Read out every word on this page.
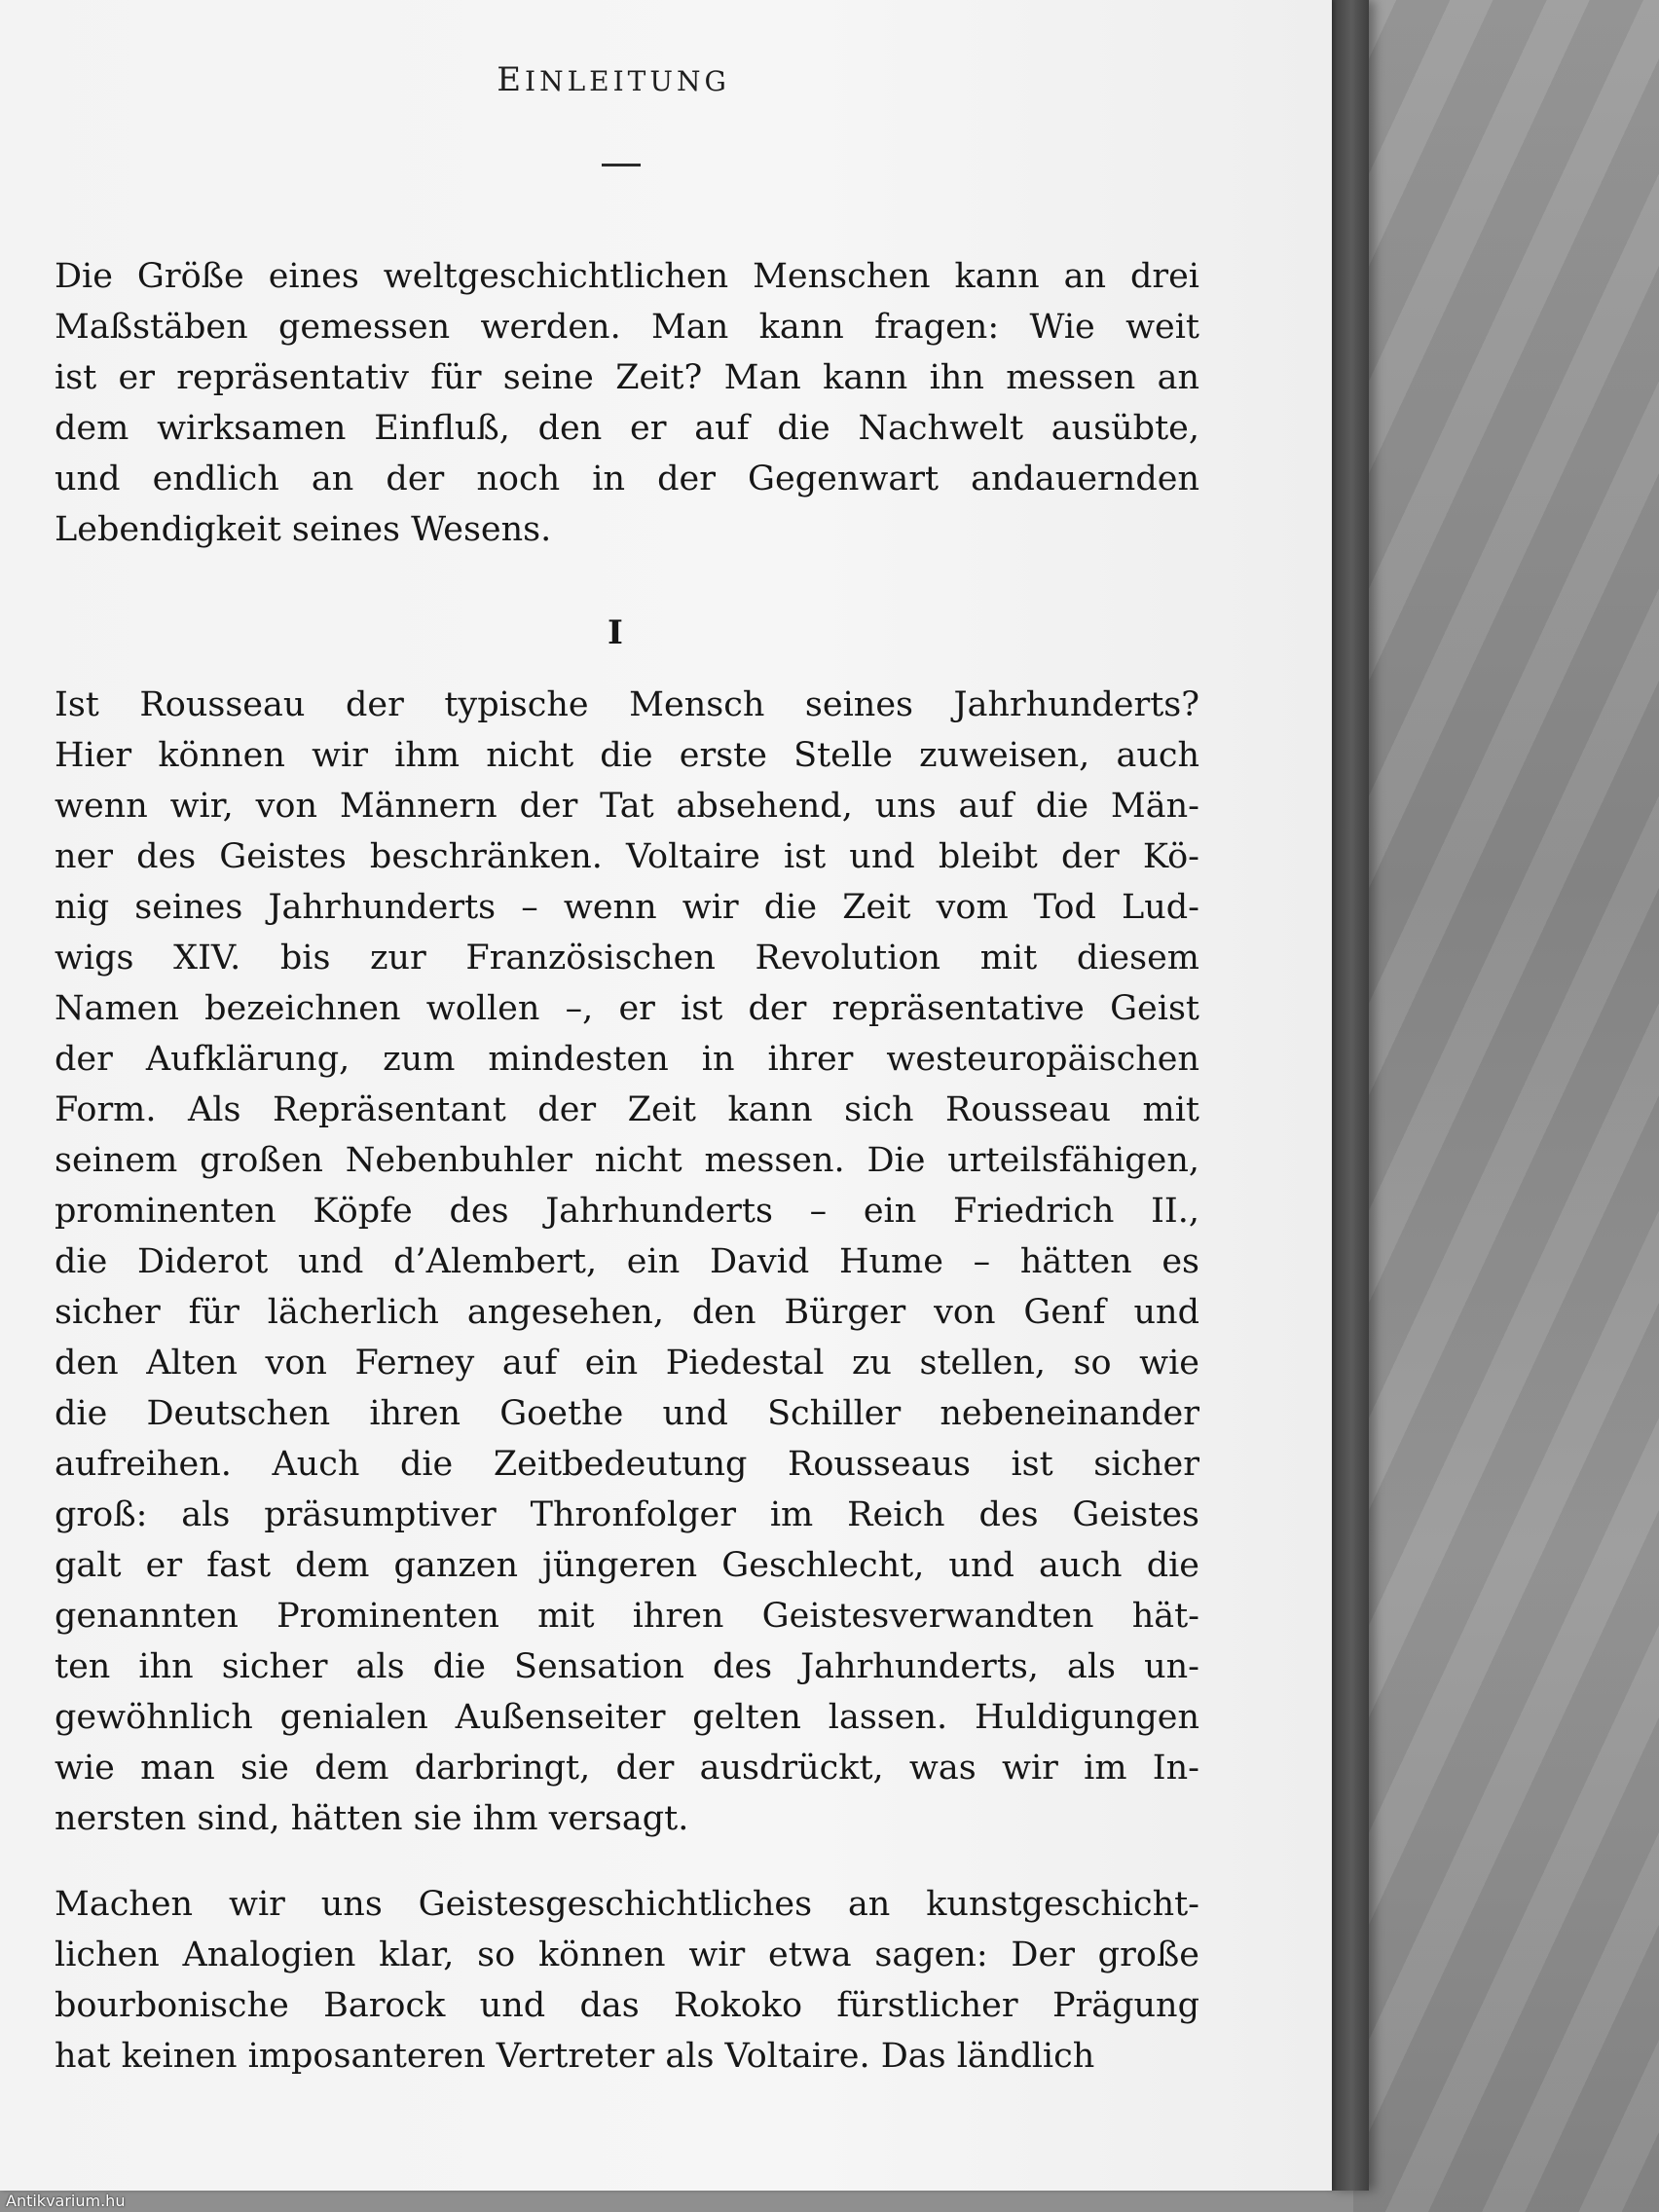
EINLEITUNG
Die Größe eines weltgeschichtlichen Menschen kann an drei
Maßstäben gemessen werden. Man kann fragen: Wie weit
ist er repräsentativ für seine Zeit? Man kann ihn messen an
dem wirksamen Einfluß, den er auf die Nachwelt ausübte,
und endlich an der noch in der Gegenwart andauernden
Lebendigkeit seines Wesens.
I
Ist Rousseau der typische Mensch seines Jahrhunderts?
Hier können wir ihm nicht die erste Stelle zuweisen, auch
wenn wir, von Männern der Tat absehend, uns auf die Män-
ner des Geistes beschränken. Voltaire ist und bleibt der Kö-
nig seines Jahrhunderts – wenn wir die Zeit vom Tod Lud-
wigs XIV. bis zur Französischen Revolution mit diesem
Namen bezeichnen wollen –, er ist der repräsentative Geist
der Aufklärung, zum mindesten in ihrer westeuropäischen
Form. Als Repräsentant der Zeit kann sich Rousseau mit
seinem großen Nebenbuhler nicht messen. Die urteilsfähigen,
prominenten Köpfe des Jahrhunderts – ein Friedrich II.,
die Diderot und d’Alembert, ein David Hume – hätten es
sicher für lächerlich angesehen, den Bürger von Genf und
den Alten von Ferney auf ein Piedestal zu stellen, so wie
die Deutschen ihren Goethe und Schiller nebeneinander
aufreihen. Auch die Zeitbedeutung Rousseaus ist sicher
groß: als präsumptiver Thronfolger im Reich des Geistes
galt er fast dem ganzen jüngeren Geschlecht, und auch die
genannten Prominenten mit ihren Geistesverwandten hät-
ten ihn sicher als die Sensation des Jahrhunderts, als un-
gewöhnlich genialen Außenseiter gelten lassen. Huldigungen
wie man sie dem darbringt, der ausdrückt, was wir im In-
nersten sind, hätten sie ihm versagt.
Machen wir uns Geistesgeschichtliches an kunstgeschicht-
lichen Analogien klar, so können wir etwa sagen: Der große
bourbonische Barock und das Rokoko fürstlicher Prägung
hat keinen imposanteren Vertreter als Voltaire. Das ländlich
Antikvarium.hu
